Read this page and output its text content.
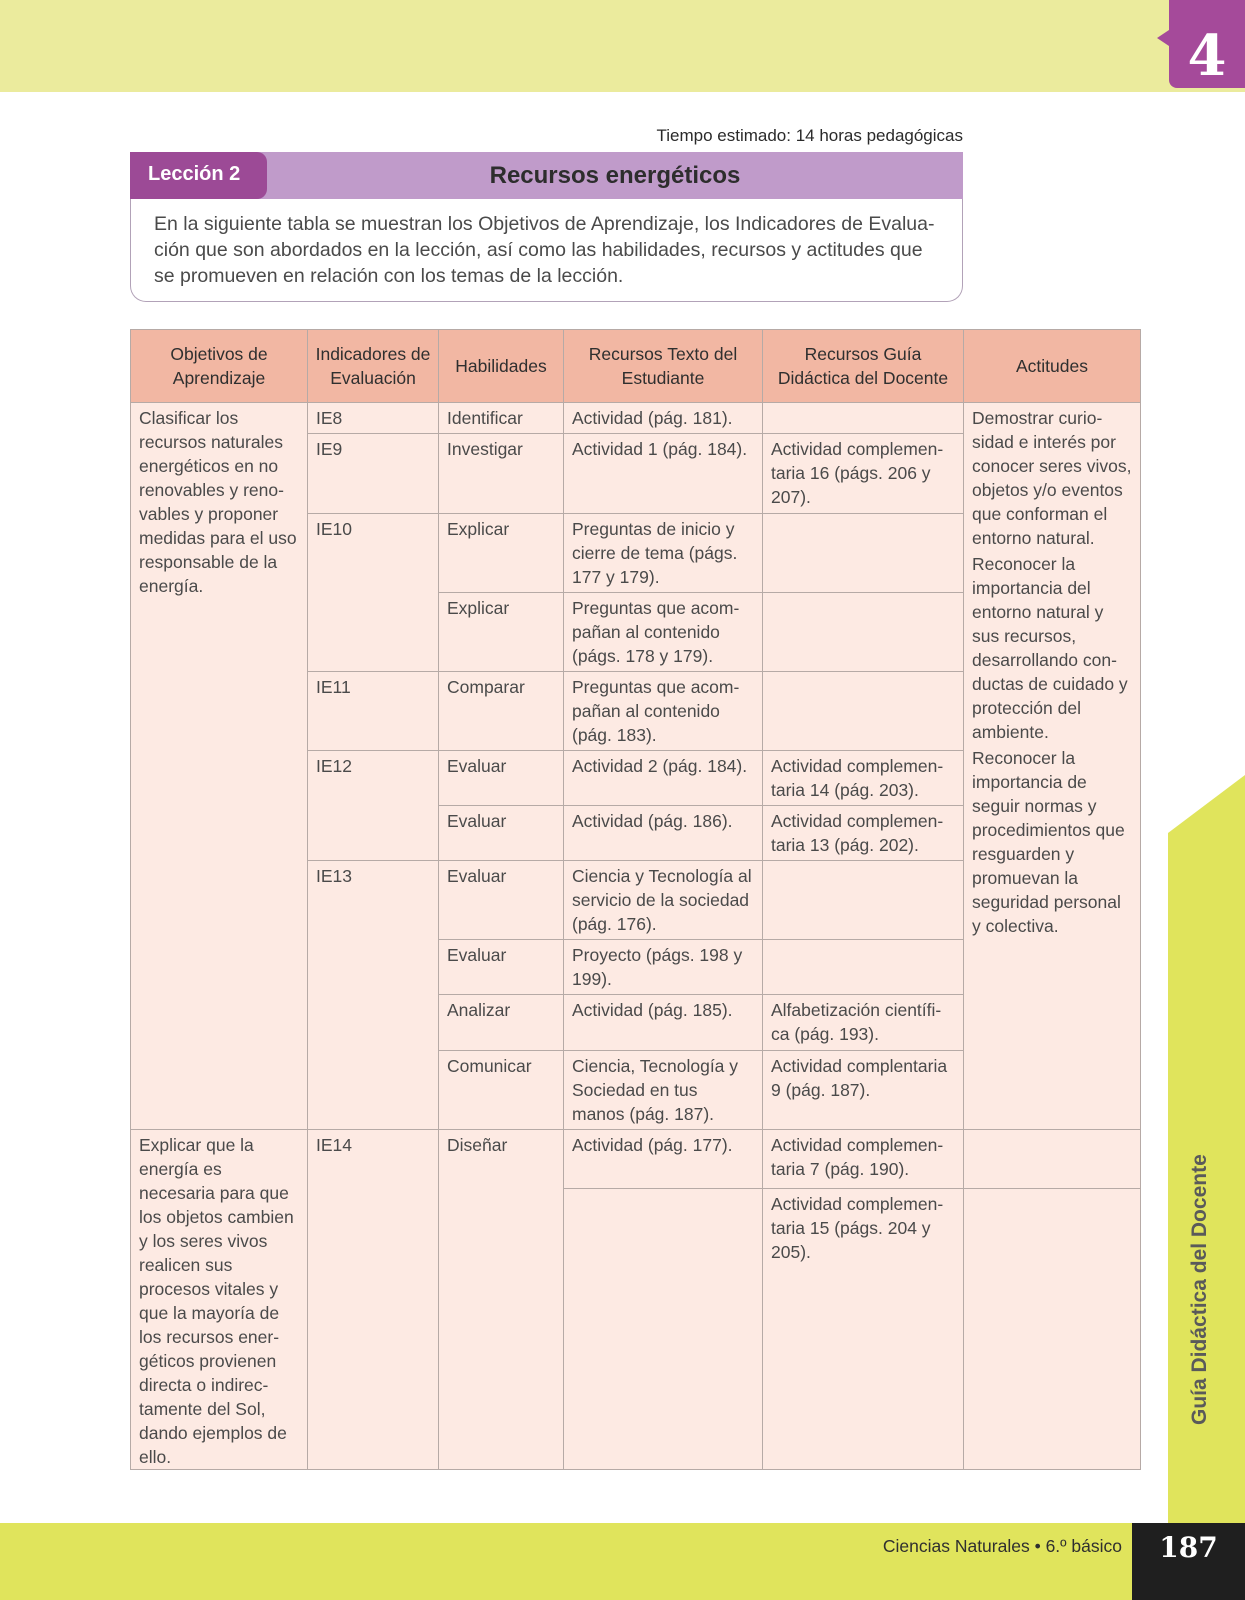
4
Tiempo estimado: 14 horas pedagógicas
Lección 2	Recursos energéticos
En la siguiente tabla se muestran los Objetivos de Aprendizaje, los Indicadores de Evalua-ción que son abordados en la lección, así como las habilidades, recursos y actitudes que se promueven en relación con los temas de la lección.
Objetivos de Aprendizaje	Indicadores de Evaluación	Habilidades	Recursos Texto del Estudiante	Recursos Guía Didáctica del Docente	Actitudes
Clasificar los recursos naturales energéticos en no renovables y reno-vables y proponer medidas para el uso responsable de la energía.	IE8	Identificar	Actividad (pág. 181).		Demostrar curio-sidad e interés por conocer seres vivos, objetos y/o eventos que conforman el entorno natural.
Reconocer la importancia del entorno natural y sus recursos, desarrollando con-ductas de cuidado y protección del ambiente.
Reconocer la importancia de seguir normas y procedimientos que resguarden y promuevan la seguridad personal y colectiva.

	IE9	Investigar	Actividad 1 (pág. 184).	Actividad complemen-taria 16 (págs. 206 y 207).	
	IE10	Explicar	Preguntas de inicio y cierre de tema (págs. 177 y 179).		
		Explicar	Preguntas que acom-pañan al contenido (págs. 178 y 179).		
	IE11	Comparar	Preguntas que acom-pañan al contenido (pág. 183).		
	IE12	Evaluar	Actividad 2 (pág. 184).	Actividad complemen-taria 14 (pág. 203).	
		Evaluar	Actividad (pág. 186).	Actividad complemen-taria 13 (pág. 202).	
	IE13	Evaluar	Ciencia y Tecnología al servicio de la sociedad (pág. 176).		
		Evaluar	Proyecto (págs. 198 y 199).		
		Analizar	Actividad (pág. 185).	Alfabetización científi-ca (pág. 193).	
		Comunicar	Ciencia, Tecnología y Sociedad en tus manos (pág. 187).	Actividad complentaria 9 (pág. 187).	
Explicar que la energía es necesaria para que los objetos cambien y los seres vivos realicen sus procesos vitales y que la mayoría de los recursos ener-géticos provienen directa o indirec-tamente del Sol, dando ejemplos de ello.	IE14	Diseñar	Actividad (pág. 177).	Actividad complemen-taria 7 (pág. 190).	
				Actividad complemen-taria 15 (págs. 204 y 205).		Guía Didáctica del Docente
Ciencias Naturales • 6.º básico	187
